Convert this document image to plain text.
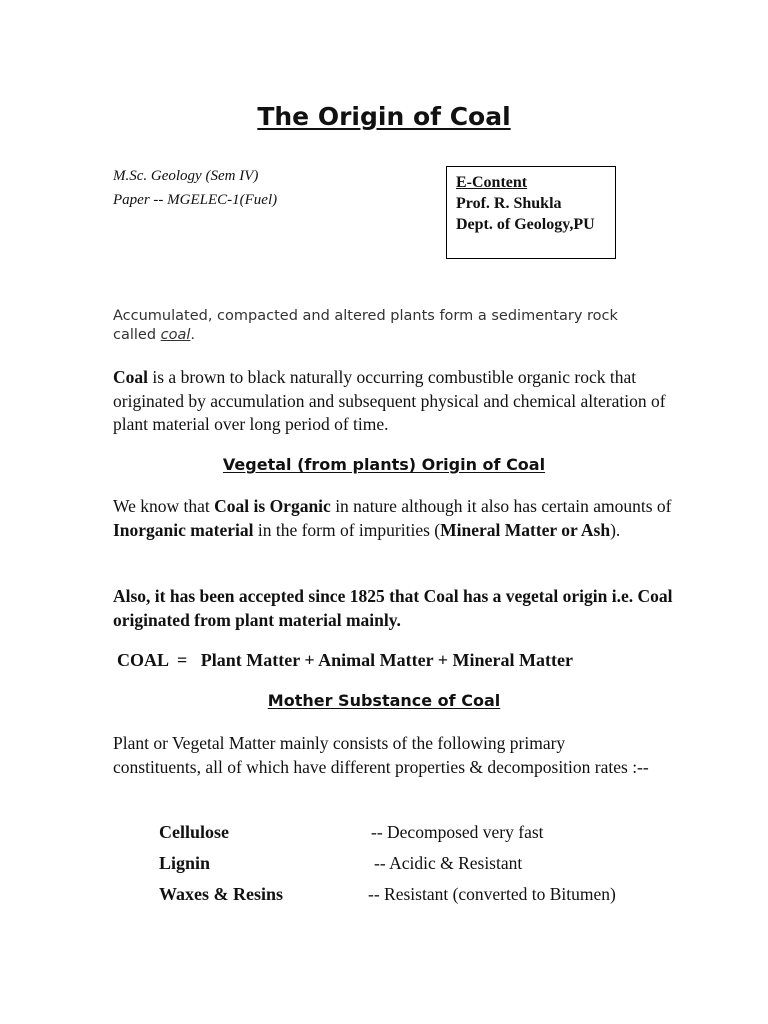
The Origin of Coal
M.Sc. Geology (Sem IV)
Paper -- MGELEC-1(Fuel)
E-Content
Prof. R. Shukla
Dept. of Geology,PU
Accumulated, compacted and altered plants form a sedimentary rock called coal.
Coal is a brown to black naturally occurring combustible organic rock that originated by accumulation and subsequent physical and chemical alteration of plant material over long period of time.
Vegetal (from plants) Origin of Coal
We know that Coal is Organic in nature although it also has certain amounts of Inorganic material in the form of impurities (Mineral Matter or Ash).
Also, it has been accepted since 1825 that Coal has a vegetal origin i.e. Coal originated from plant material mainly.
COAL  =   Plant Matter + Animal Matter + Mineral Matter
Mother Substance of Coal
Plant or Vegetal Matter mainly consists of the following primary constituents, all of which have different properties & decomposition rates :--
Cellulose	-- Decomposed very fast
Lignin	-- Acidic & Resistant
Waxes & Resins	-- Resistant (converted to Bitumen)
